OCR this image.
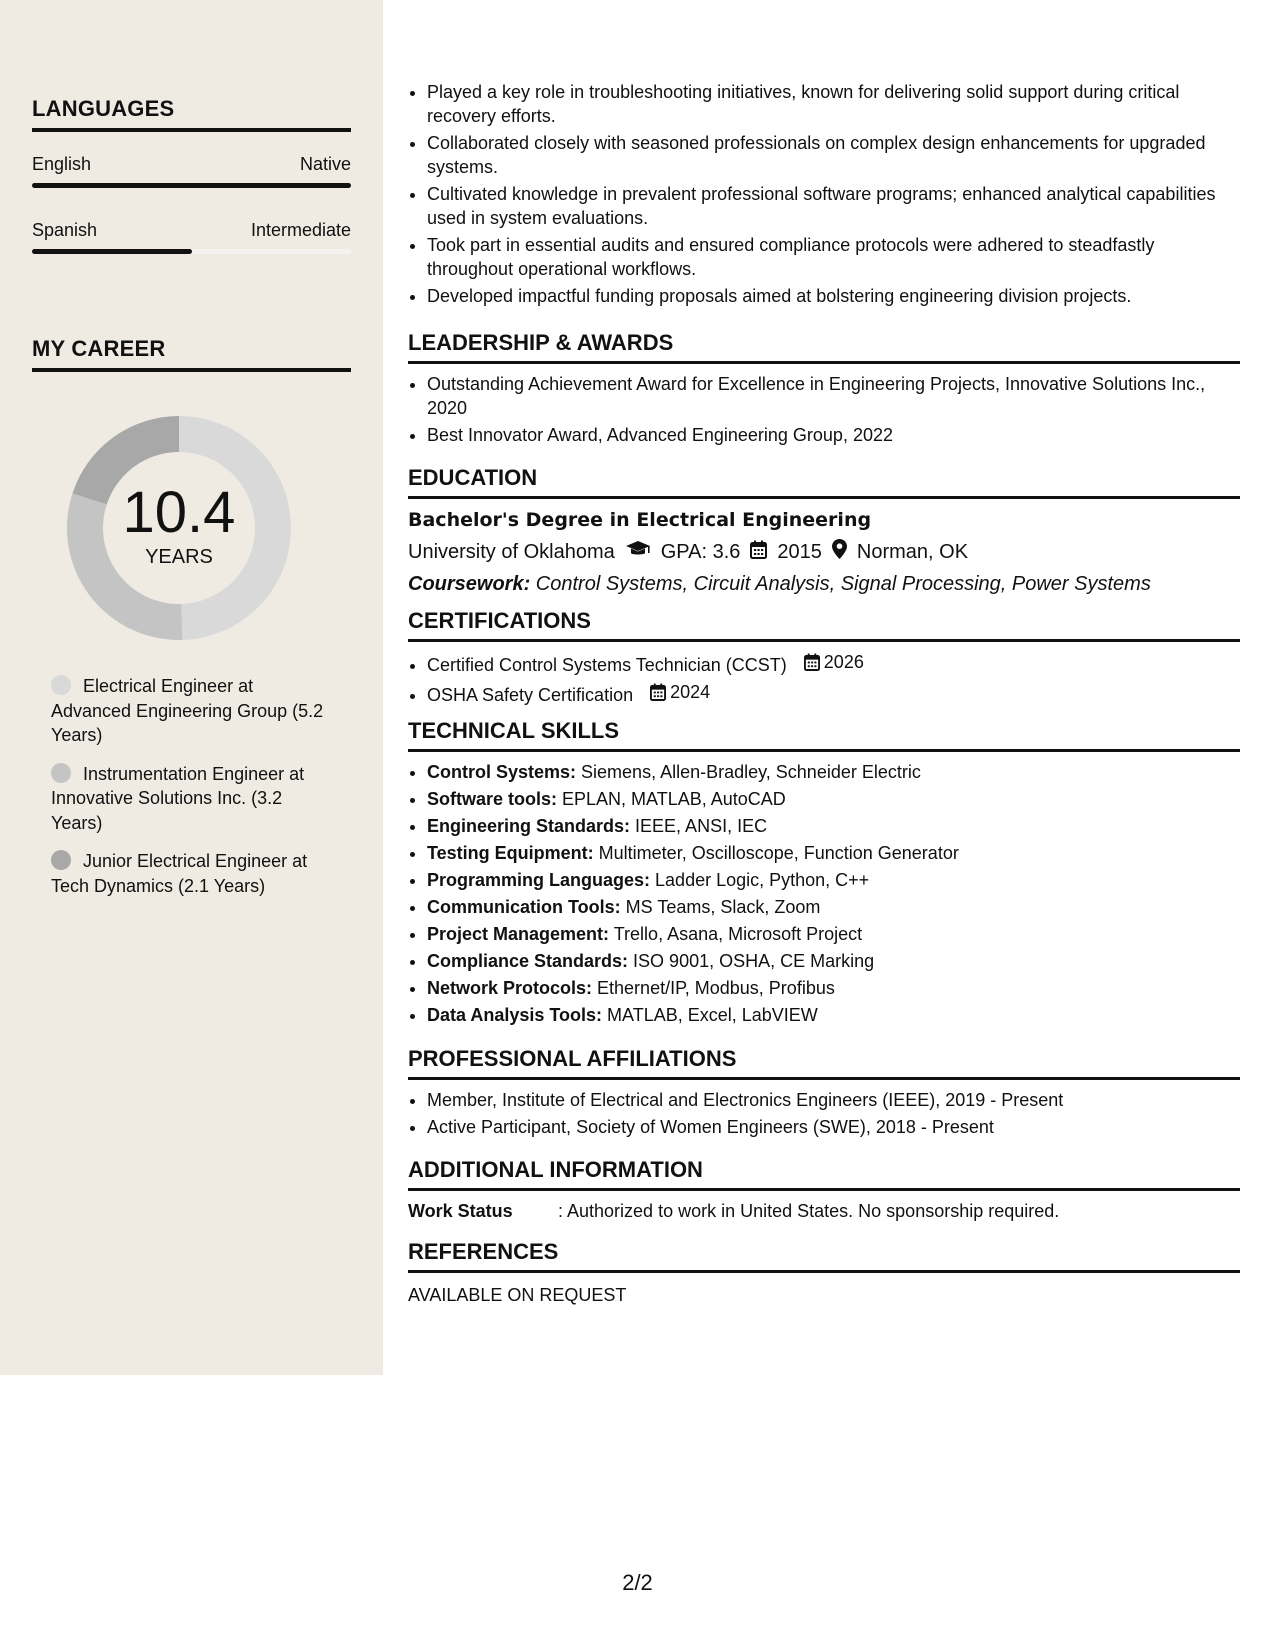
LANGUAGES
English	Native
Spanish	Intermediate
MY CAREER
10.4
YEARS
Electrical Engineer at Advanced Engineering Group (5.2 Years)
Instrumentation Engineer at Innovative Solutions Inc. (3.2 Years)
Junior Electrical Engineer at Tech Dynamics (2.1 Years)
• Played a key role in troubleshooting initiatives, known for delivering solid support during critical recovery efforts.
• Collaborated closely with seasoned professionals on complex design enhancements for upgraded systems.
• Cultivated knowledge in prevalent professional software programs; enhanced analytical capabilities used in system evaluations.
• Took part in essential audits and ensured compliance protocols were adhered to steadfastly throughout operational workflows.
• Developed impactful funding proposals aimed at bolstering engineering division projects.
LEADERSHIP & AWARDS
• Outstanding Achievement Award for Excellence in Engineering Projects, Innovative Solutions Inc., 2020
• Best Innovator Award, Advanced Engineering Group, 2022
EDUCATION
Bachelor's Degree in Electrical Engineering
University of Oklahoma GPA: 3.6 2015 Norman, OK
Coursework: Control Systems, Circuit Analysis, Signal Processing, Power Systems
CERTIFICATIONS
• Certified Control Systems Technician (CCST) 2026
• OSHA Safety Certification 2024
TECHNICAL SKILLS
• Control Systems: Siemens, Allen-Bradley, Schneider Electric
• Software tools: EPLAN, MATLAB, AutoCAD
• Engineering Standards: IEEE, ANSI, IEC
• Testing Equipment: Multimeter, Oscilloscope, Function Generator
• Programming Languages: Ladder Logic, Python, C++
• Communication Tools: MS Teams, Slack, Zoom
• Project Management: Trello, Asana, Microsoft Project
• Compliance Standards: ISO 9001, OSHA, CE Marking
• Network Protocols: Ethernet/IP, Modbus, Profibus
• Data Analysis Tools: MATLAB, Excel, LabVIEW
PROFESSIONAL AFFILIATIONS
• Member, Institute of Electrical and Electronics Engineers (IEEE), 2019 - Present
• Active Participant, Society of Women Engineers (SWE), 2018 - Present
ADDITIONAL INFORMATION
Work Status	: Authorized to work in United States. No sponsorship required.
REFERENCES
AVAILABLE ON REQUEST
2/2
